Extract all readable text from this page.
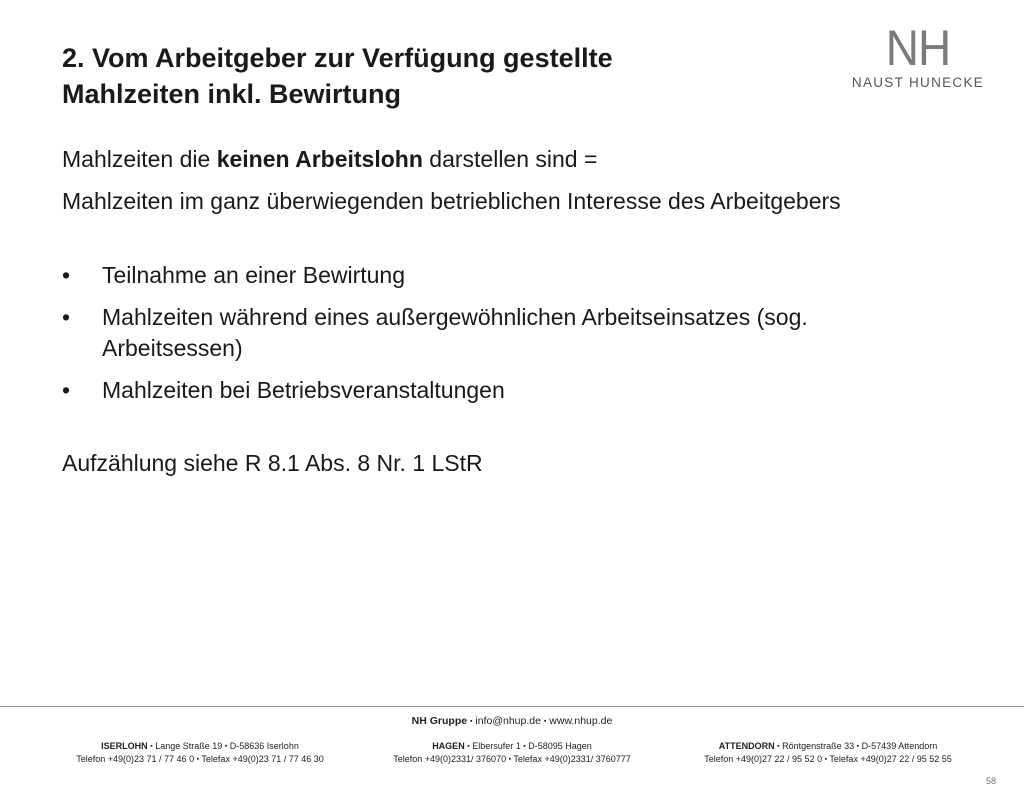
2. Vom Arbeitgeber zur Verfügung gestellte
Mahlzeiten inkl. Bewirtung
NH
NAUST HUNECKE

Mahlzeiten die keinen Arbeitslohn darstellen sind =

Mahlzeiten im ganz überwiegenden betrieblichen Interesse des Arbeitgebers

•	Teilnahme an einer Bewirtung
•	Mahlzeiten während eines außergewöhnlichen Arbeitseinsatzes (sog. Arbeitsessen)
•	Mahlzeiten bei Betriebsveranstaltungen

Aufzählung siehe R 8.1 Abs. 8 Nr. 1 LStR

NH Gruppe ▪ info@nhup.de ▪ www.nhup.de
ISERLOHN ▪ Lange Straße 19 ▪ D-58636 Iserlohn
Telefon +49(0)23 71 / 77 46 0 ▪ Telefax +49(0)23 71 / 77 46 30
HAGEN ▪ Elbersufer 1 ▪ D-58095 Hagen
Telefon +49(0)2331/ 376070 ▪ Telefax +49(0)2331/ 3760777
ATTENDORN ▪ Röntgenstraße 33 ▪ D-57439 Attendorn
Telefon +49(0)27 22 / 95 52 0 ▪ Telefax +49(0)27 22 / 95 52 55
58
